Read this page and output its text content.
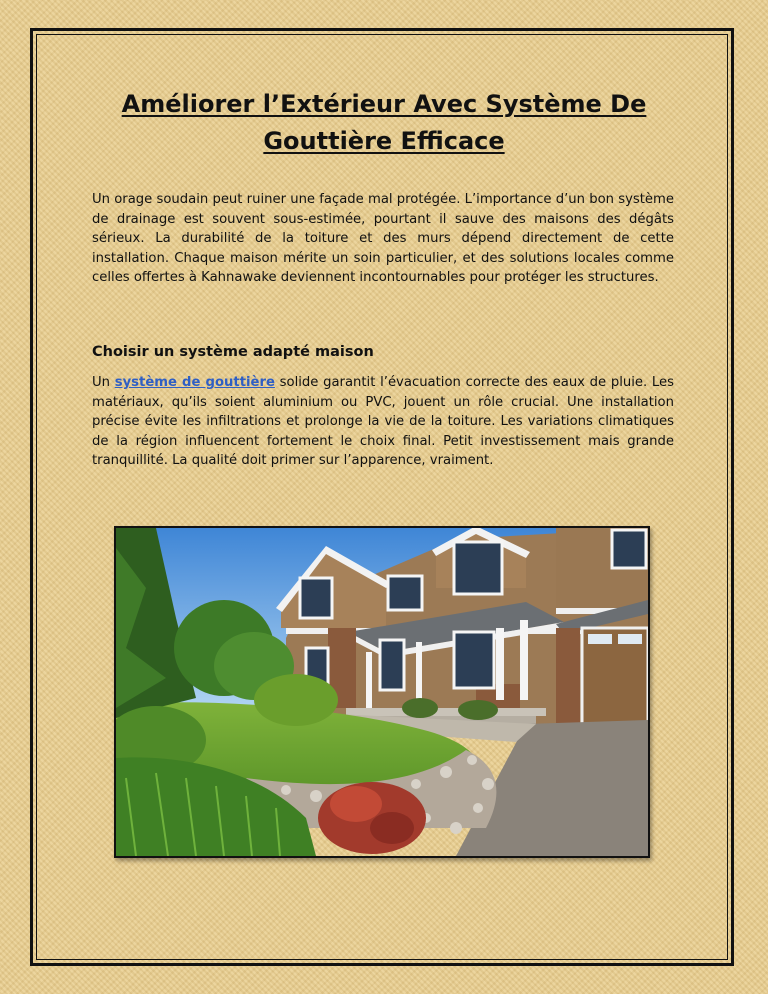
Améliorer l’Extérieur Avec Système De Gouttière Efficace

Un orage soudain peut ruiner une façade mal protégée. L’importance d’un bon système de drainage est souvent sous-estimée, pourtant il sauve des maisons des dégâts sérieux. La durabilité de la toiture et des murs dépend directement de cette installation. Chaque maison mérite un soin particulier, et des solutions locales comme celles offertes à Kahnawake deviennent incontournables pour protéger les structures.

Choisir un système adapté maison

Un système de gouttière solide garantit l’évacuation correcte des eaux de pluie. Les matériaux, qu’ils soient aluminium ou PVC, jouent un rôle crucial. Une installation précise évite les infiltrations et prolonge la vie de la toiture. Les variations climatiques de la région influencent fortement le choix final. Petit investissement mais grande tranquillité. La qualité doit primer sur l’apparence, vraiment.
